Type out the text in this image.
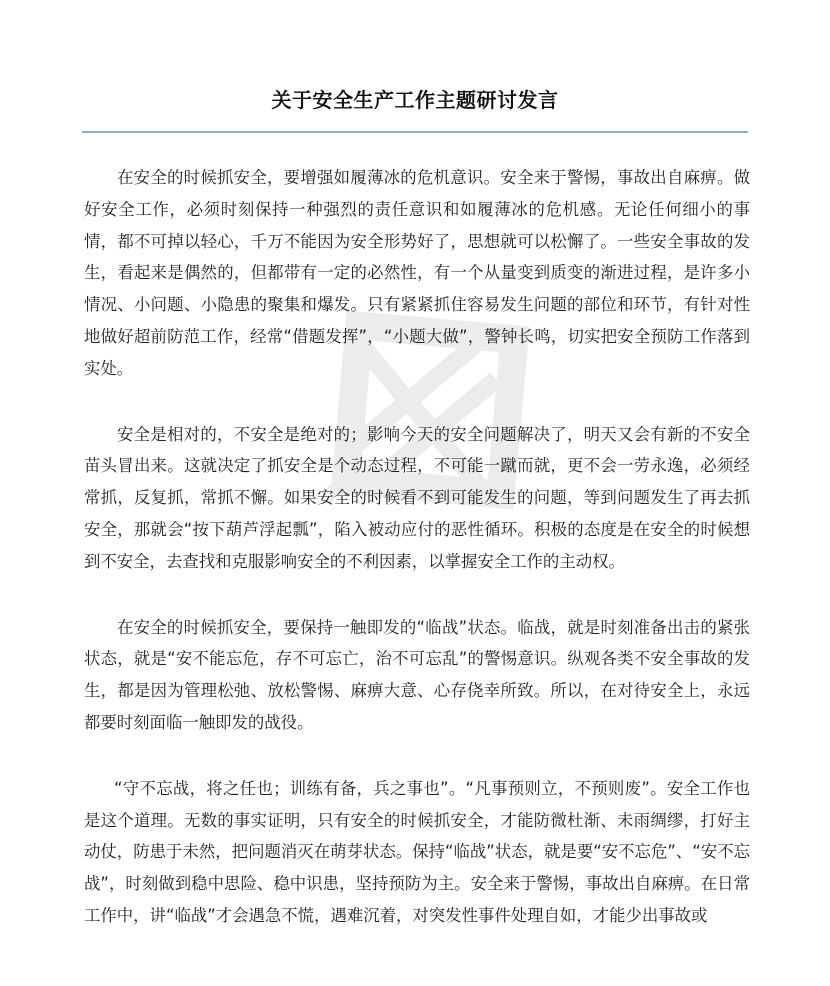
关于安全生产工作主题研讨发言

在安全的时候抓安全，要增强如履薄冰的危机意识。安全来于警惕，事故出自麻痹。做好安全工作，必须时刻保持一种强烈的责任意识和如履薄冰的危机感。无论任何细小的事情，都不可掉以轻心，千万不能因为安全形势好了，思想就可以松懈了。一些安全事故的发生，看起来是偶然的，但都带有一定的必然性，有一个从量变到质变的渐进过程，是许多小情况、小问题、小隐患的聚集和爆发。只有紧紧抓住容易发生问题的部位和环节，有针对性地做好超前防范工作，经常“借题发挥”，“小题大做”，警钟长鸣，切实把安全预防工作落到实处。

安全是相对的，不安全是绝对的；影响今天的安全问题解决了，明天又会有新的不安全苗头冒出来。这就决定了抓安全是个动态过程，不可能一蹴而就，更不会一劳永逸，必须经常抓，反复抓，常抓不懈。如果安全的时候看不到可能发生的问题，等到问题发生了再去抓安全，那就会“按下葫芦浮起瓢”，陷入被动应付的恶性循环。积极的态度是在安全的时候想到不安全，去查找和克服影响安全的不利因素，以掌握安全工作的主动权。

在安全的时候抓安全，要保持一触即发的“临战”状态。临战，就是时刻准备出击的紧张状态，就是“安不能忘危，存不可忘亡，治不可忘乱”的警惕意识。纵观各类不安全事故的发生，都是因为管理松弛、放松警惕、麻痹大意、心存侥幸所致。所以，在对待安全上，永远都要时刻面临一触即发的战役。

“守不忘战，将之任也；训练有备，兵之事也”。“凡事预则立，不预则废”。安全工作也是这个道理。无数的事实证明，只有安全的时候抓安全，才能防微杜渐、未雨绸缪，打好主动仗，防患于未然，把问题消灭在萌芽状态。保持“临战”状态，就是要“安不忘危”、“安不忘战”，时刻做到稳中思险、稳中识患，坚持预防为主。安全来于警惕，事故出自麻痹。在日常工作中，讲“临战”才会遇急不慌，遇难沉着，对突发性事件处理自如，才能少出事故或
